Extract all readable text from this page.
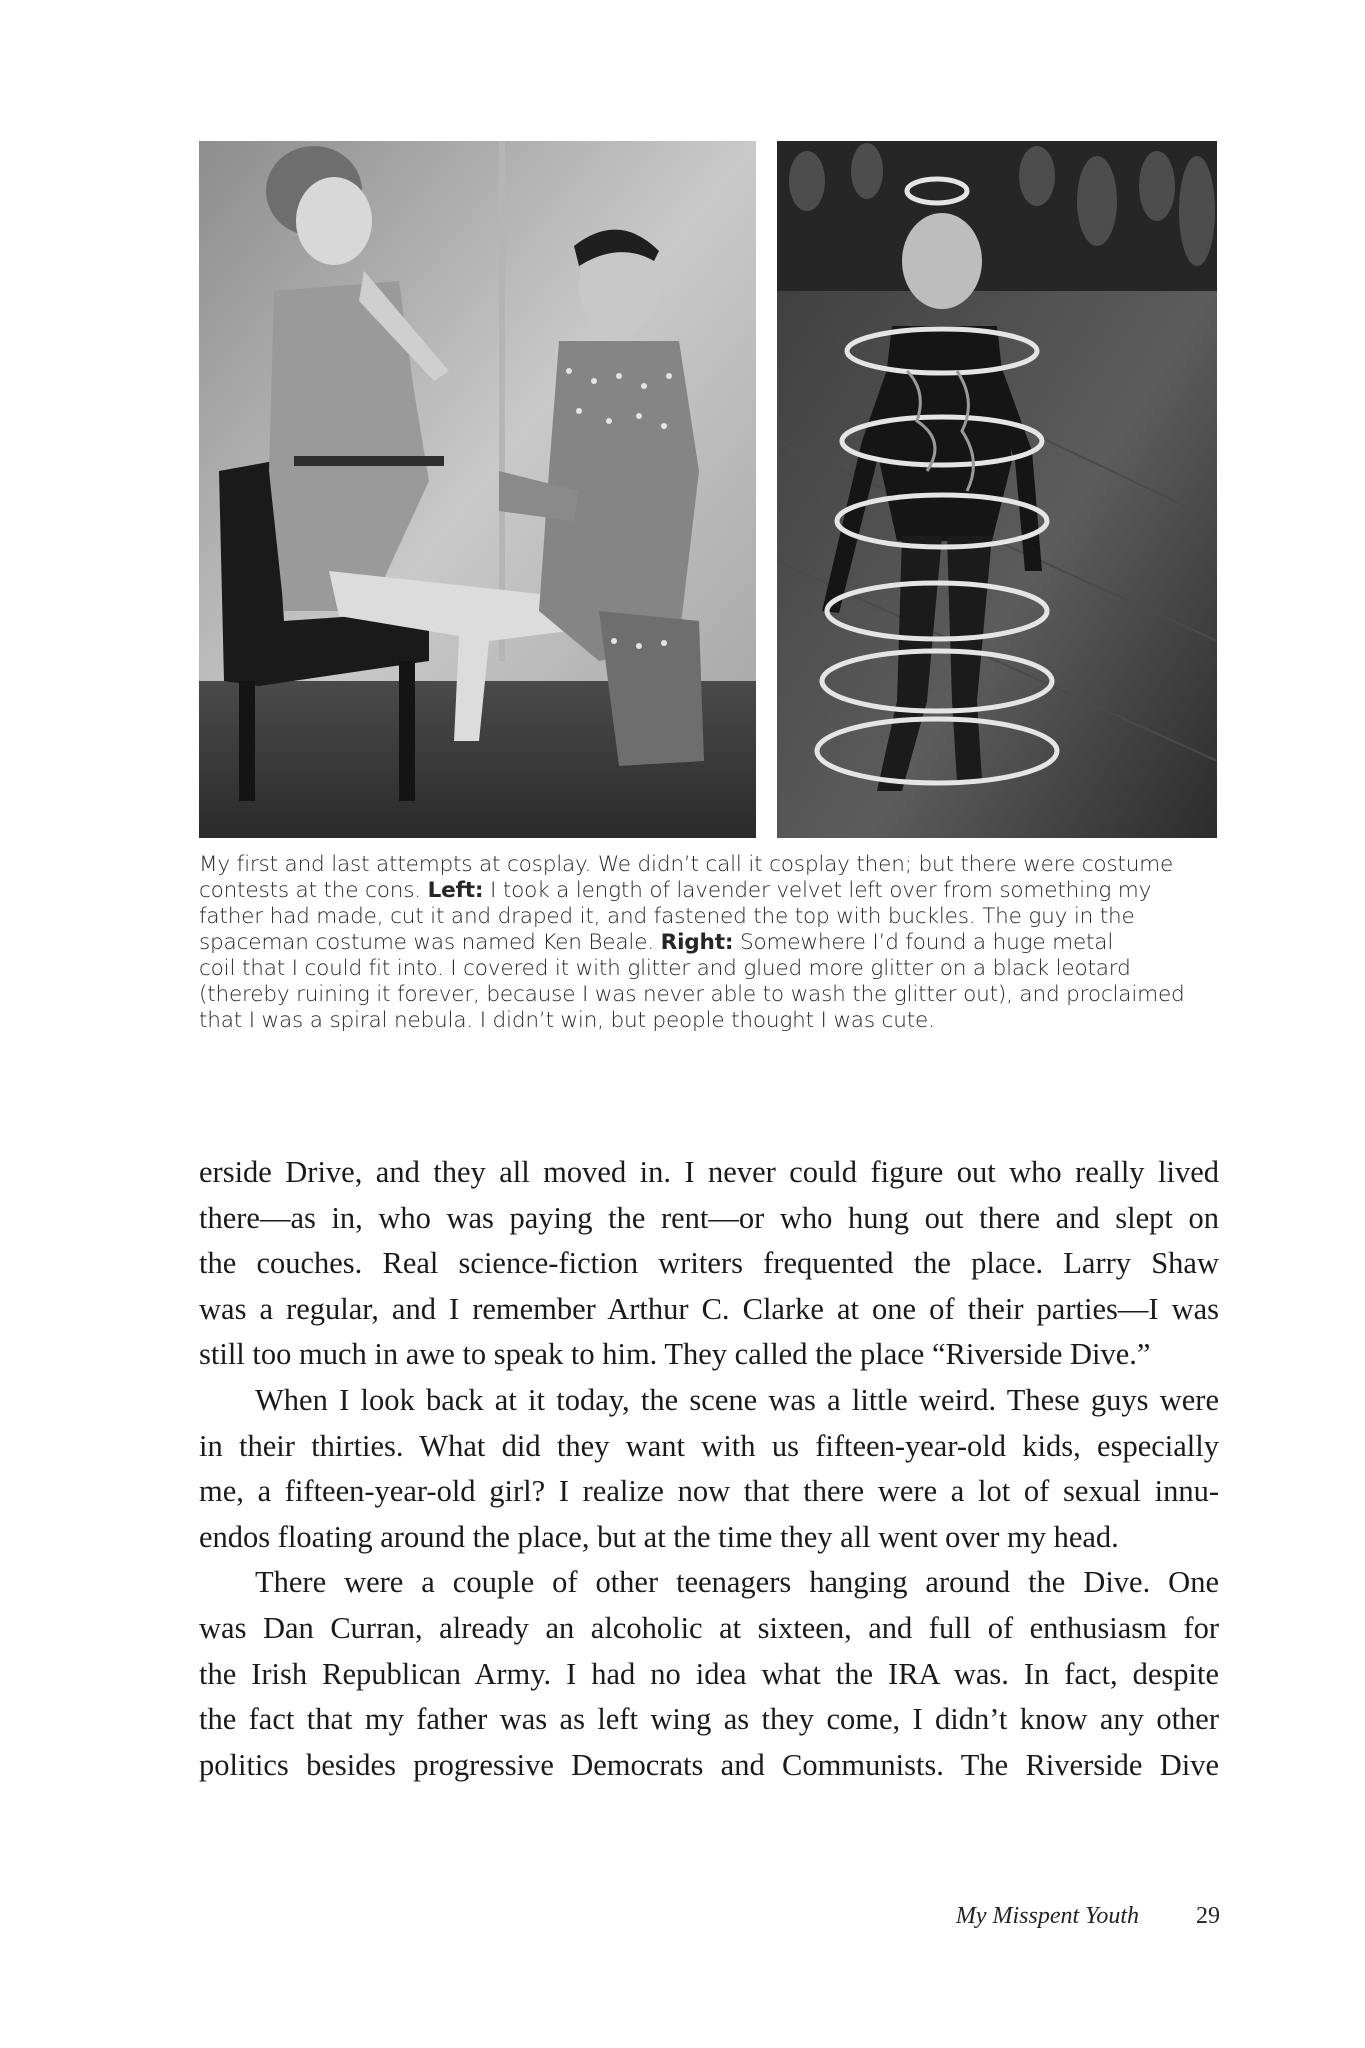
My first and last attempts at cosplay. We didn’t call it cosplay then; but there were costume
contests at the cons. Left: I took a length of lavender velvet left over from something my
father had made, cut it and draped it, and fastened the top with buckles. The guy in the
spaceman costume was named Ken Beale. Right: Somewhere I’d found a huge metal
coil that I could fit into. I covered it with glitter and glued more glitter on a black leotard
(thereby ruining it forever, because I was never able to wash the glitter out), and proclaimed
that I was a spiral nebula. I didn’t win, but people thought I was cute.
erside Drive, and they all moved in. I never could figure out who really lived
there—as in, who was paying the rent—or who hung out there and slept on
the couches. Real science-fiction writers frequented the place. Larry Shaw
was a regular, and I remember Arthur C. Clarke at one of their parties—I was
still too much in awe to speak to him. They called the place “Riverside Dive.”
When I look back at it today, the scene was a little weird. These guys were
in their thirties. What did they want with us fifteen-year-old kids, especially
me, a fifteen-year-old girl? I realize now that there were a lot of sexual innu-
endos floating around the place, but at the time they all went over my head.
There were a couple of other teenagers hanging around the Dive. One
was Dan Curran, already an alcoholic at sixteen, and full of enthusiasm for
the Irish Republican Army. I had no idea what the IRA was. In fact, despite
the fact that my father was as left wing as they come, I didn’t know any other
politics besides progressive Democrats and Communists. The Riverside Dive
My Misspent Youth 29
